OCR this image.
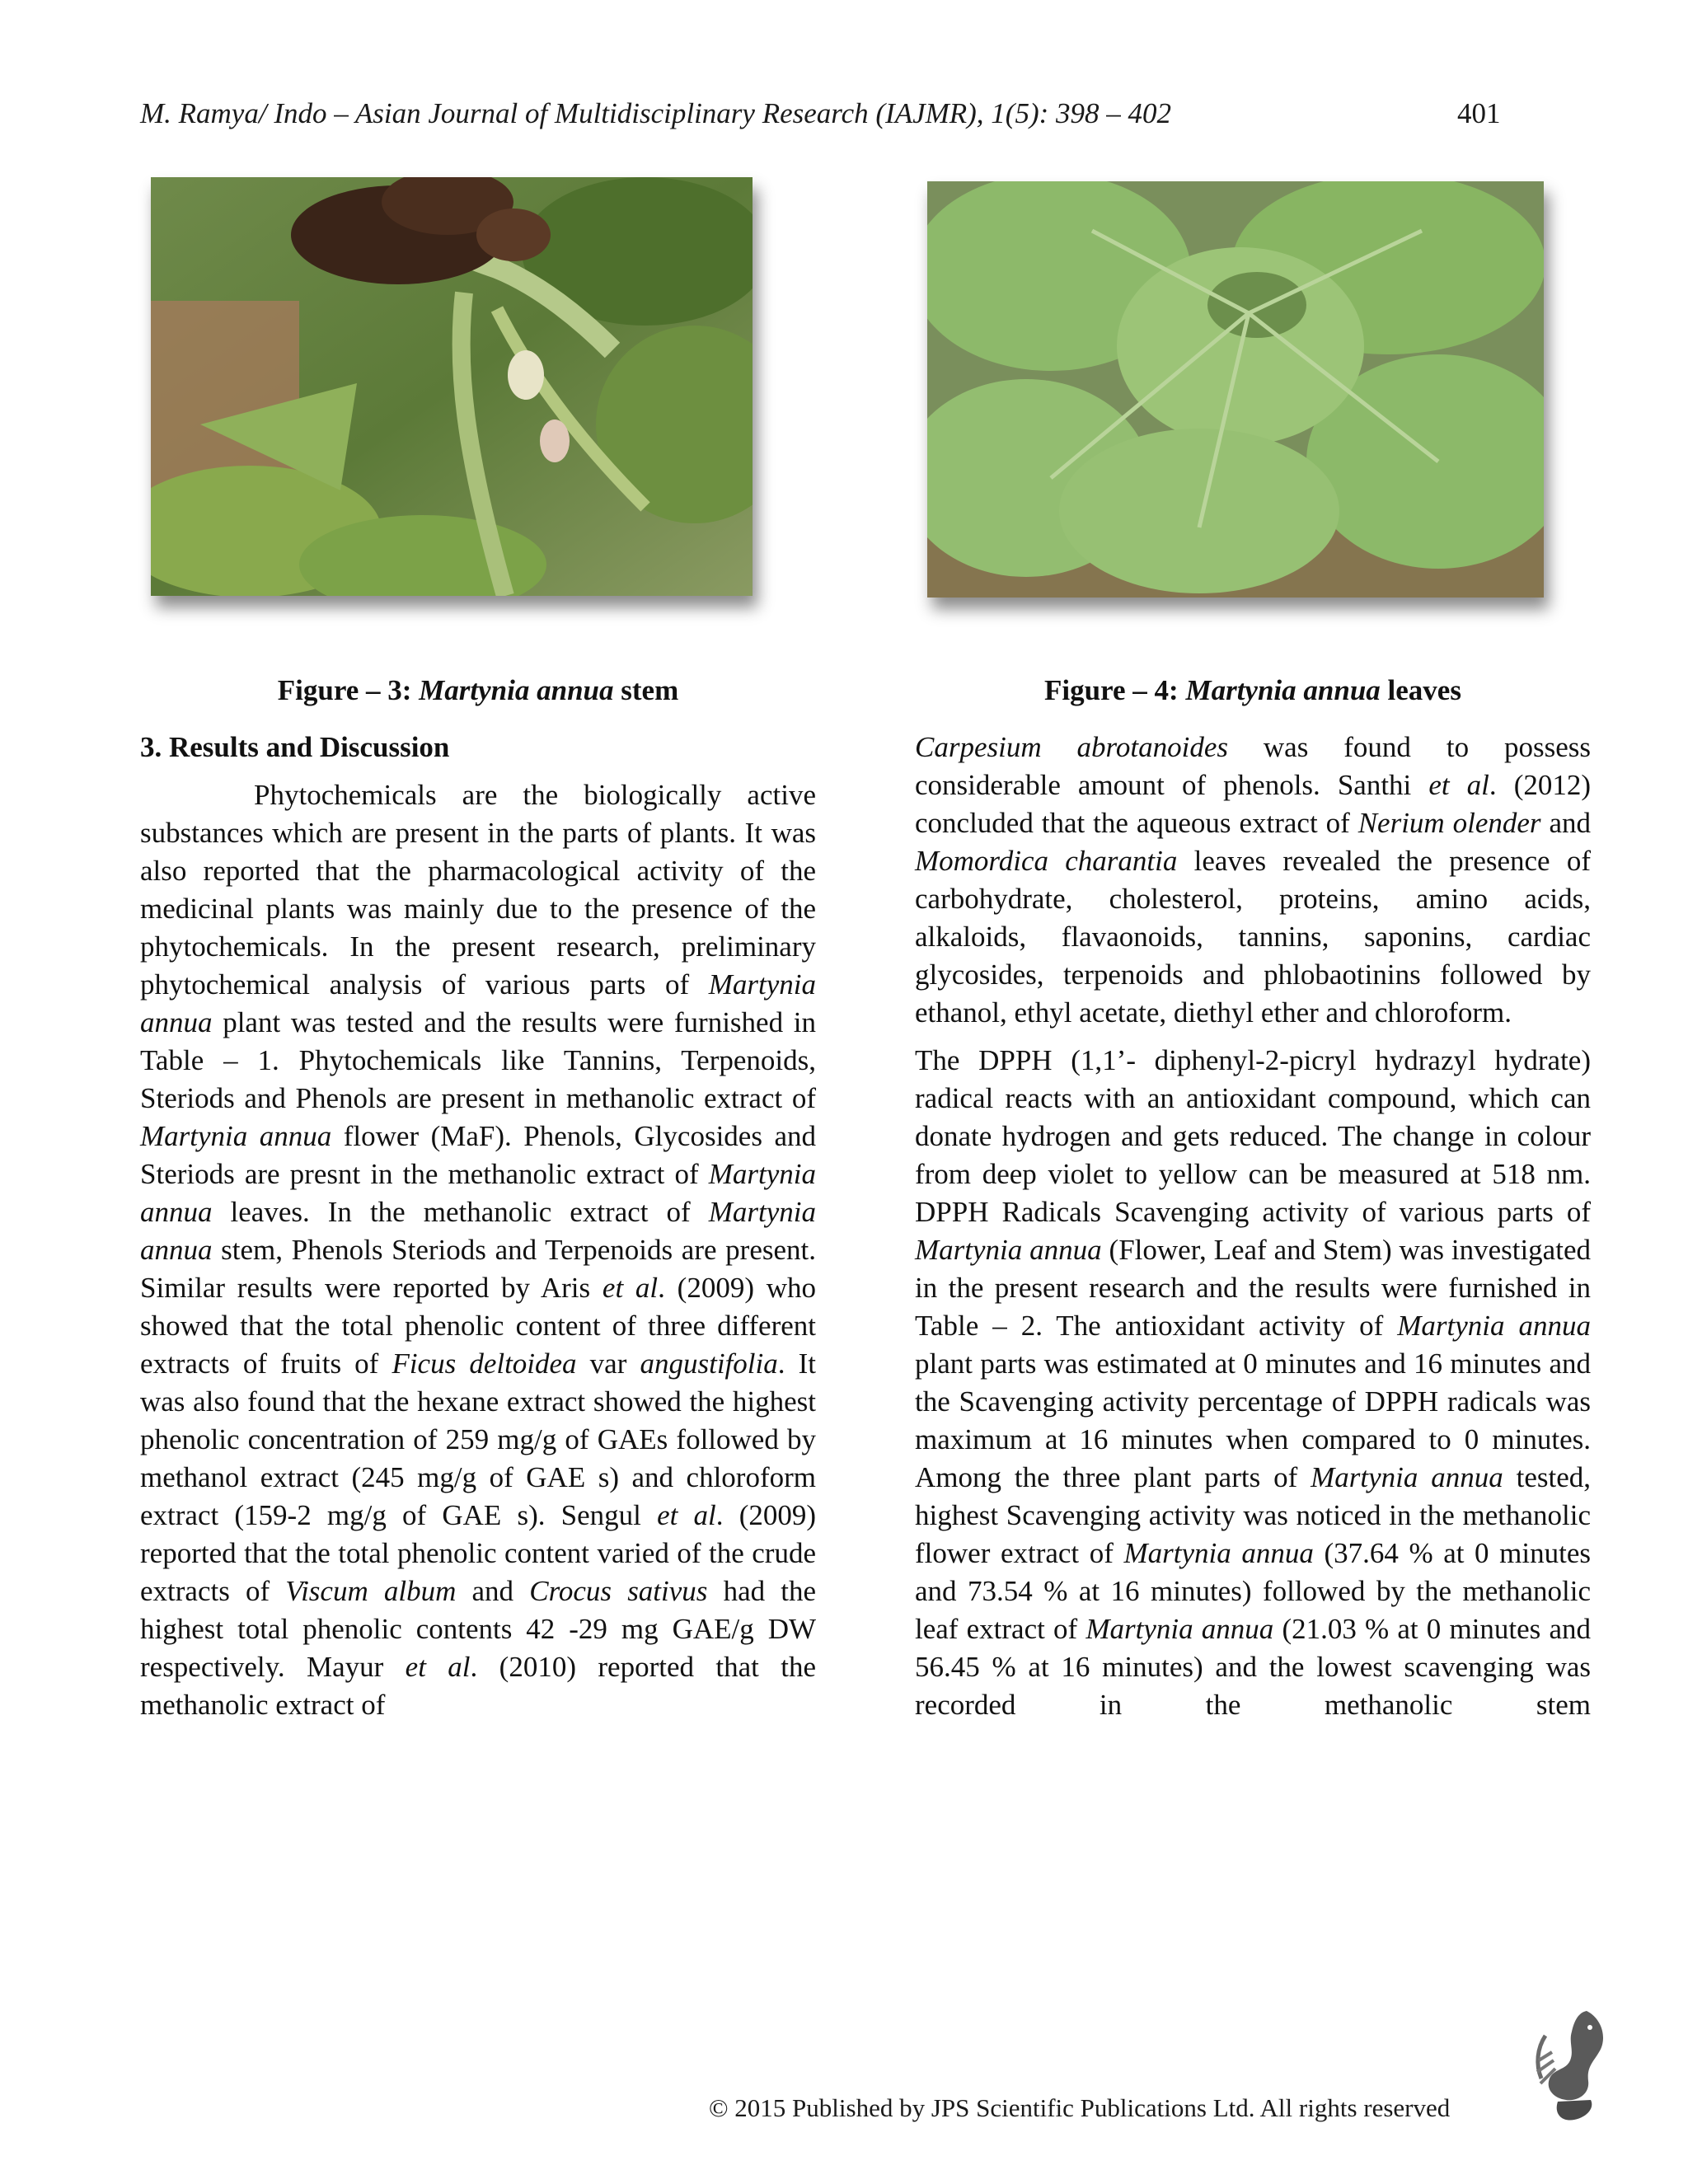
M. Ramya/ Indo – Asian Journal of Multidisciplinary Research (IAJMR), 1(5): 398 – 402	401
Figure – 3: Martynia annua stem	Figure – 4: Martynia annua leaves

3. Results and Discussion

Phytochemicals are the biologically active substances which are present in the parts of plants. It was also reported that the pharmacological activity of the medicinal plants was mainly due to the presence of the phytochemicals. In the present research, preliminary phytochemical analysis of various parts of Martynia annua plant was tested and the results were furnished in Table – 1. Phytochemicals like Tannins, Terpenoids, Steriods and Phenols are present in methanolic extract of Martynia annua flower (MaF). Phenols, Glycosides and Steriods are presnt in the methanolic extract of Martynia annua leaves. In the methanolic extract of Martynia annua stem, Phenols Steriods and Terpenoids are present. Similar results were reported by Aris et al. (2009) who showed that the total phenolic content of three different extracts of fruits of Ficus deltoidea var angustifolia. It was also found that the hexane extract showed the highest phenolic concentration of 259 mg/g of GAEs followed by methanol extract (245 mg/g of GAE s) and chloroform extract (159-2 mg/g of GAE s). Sengul et al. (2009) reported that the total phenolic content varied of the crude extracts of Viscum album and Crocus sativus had the highest total phenolic contents 42 -29 mg GAE/g DW respectively. Mayur et al. (2010) reported that the methanolic extract of

Carpesium abrotanoides was found to possess considerable amount of phenols. Santhi et al. (2012) concluded that the aqueous extract of Nerium olender and Momordica charantia leaves revealed the presence of carbohydrate, cholesterol, proteins, amino acids, alkaloids, flavaonoids, tannins, saponins, cardiac glycosides, terpenoids and phlobaotinins followed by ethanol, ethyl acetate, diethyl ether and chloroform.

The DPPH (1,1’- diphenyl-2-picryl hydrazyl hydrate) radical reacts with an antioxidant compound, which can donate hydrogen and gets reduced. The change in colour from deep violet to yellow can be measured at 518 nm. DPPH Radicals Scavenging activity of various parts of Martynia annua (Flower, Leaf and Stem) was investigated in the present research and the results were furnished in Table – 2. The antioxidant activity of Martynia annua plant parts was estimated at 0 minutes and 16 minutes and the Scavenging activity percentage of DPPH radicals was maximum at 16 minutes when compared to 0 minutes. Among the three plant parts of Martynia annua tested, highest Scavenging activity was noticed in the methanolic flower extract of Martynia annua (37.64 % at 0 minutes and 73.54 % at 16 minutes) followed by the methanolic leaf extract of Martynia annua (21.03 % at 0 minutes and 56.45 % at 16 minutes) and the lowest scavenging was recorded in the methanolic stem

© 2015 Published by JPS Scientific Publications Ltd. All rights reserved
